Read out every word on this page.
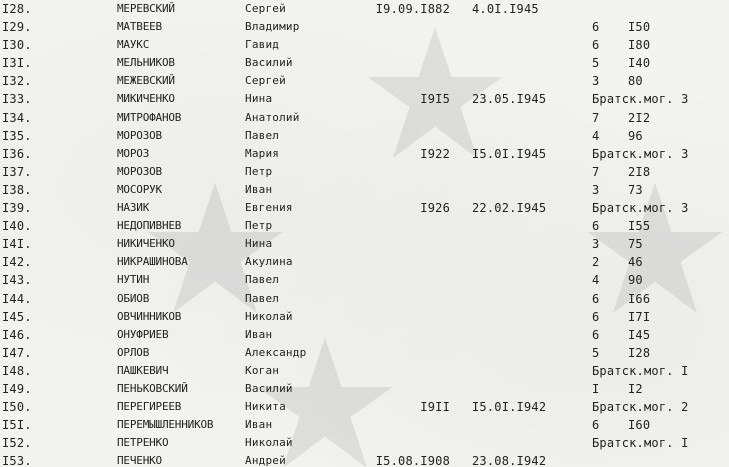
I28.	МЕРЕВСКИЙ	Сергей	I9.09.I882 4.0I.I945
I29.	МАТВЕЕВ	Владимир	6	I50
I30.	МАУКС	Гавид	6	I80
I3I.	МЕЛЬНИКОВ	Василий	5	I40
I32.	МЕЖЕВСКИЙ	Сергей	3	80
I33.	МИКИЧЕНКО	Нина	I9I5 23.05.I945	Братск.мог. 3
I34.	МИТРОФАНОВ	Анатолий	7	2I2
I35.	МОРОЗОВ	Павел	4	96
I36.	МОРОЗ	Мария	I922 I5.0I.I945	Братск.мог. 3
I37.	МОРОЗОВ	Петр	7	2I8
I38.	МОСОРУК	Иван	3	73
I39.	НАЗИК	Евгения	I926 22.02.I945	Братск.мог. 3
I40.	НЕДОПИВНЕВ	Петр	6	I55
I4I.	НИКИЧЕНКО	Нина	3	75
I42.	НИКРАШИНОВА	Акулина	2	46
I43.	НУТИН	Павел	4	90
I44.	ОБИОВ	Павел	6	I66
I45.	ОВЧИННИКОВ	Николай	6	I7I
I46.	ОНУФРИЕВ	Иван	6	I45
I47.	ОРЛОВ	Александр	5	I28
I48.	ПАШКЕВИЧ	Коган	Братск.мог. I
I49.	ПЕНЬКОВСКИЙ	Василий	I	I2
I50.	ПЕРЕГИРЕЕВ	Никита	I9II I5.0I.I942	Братск.мог. 2
I5I.	ПЕРЕМЫШЛЕННИКОВ	Иван	6	I60
I52.	ПЕТРЕНКО	Николай	Братск.мог. I
I53.	ПЕЧЕНКО	Андрей	I5.08.I908 23.08.I942
